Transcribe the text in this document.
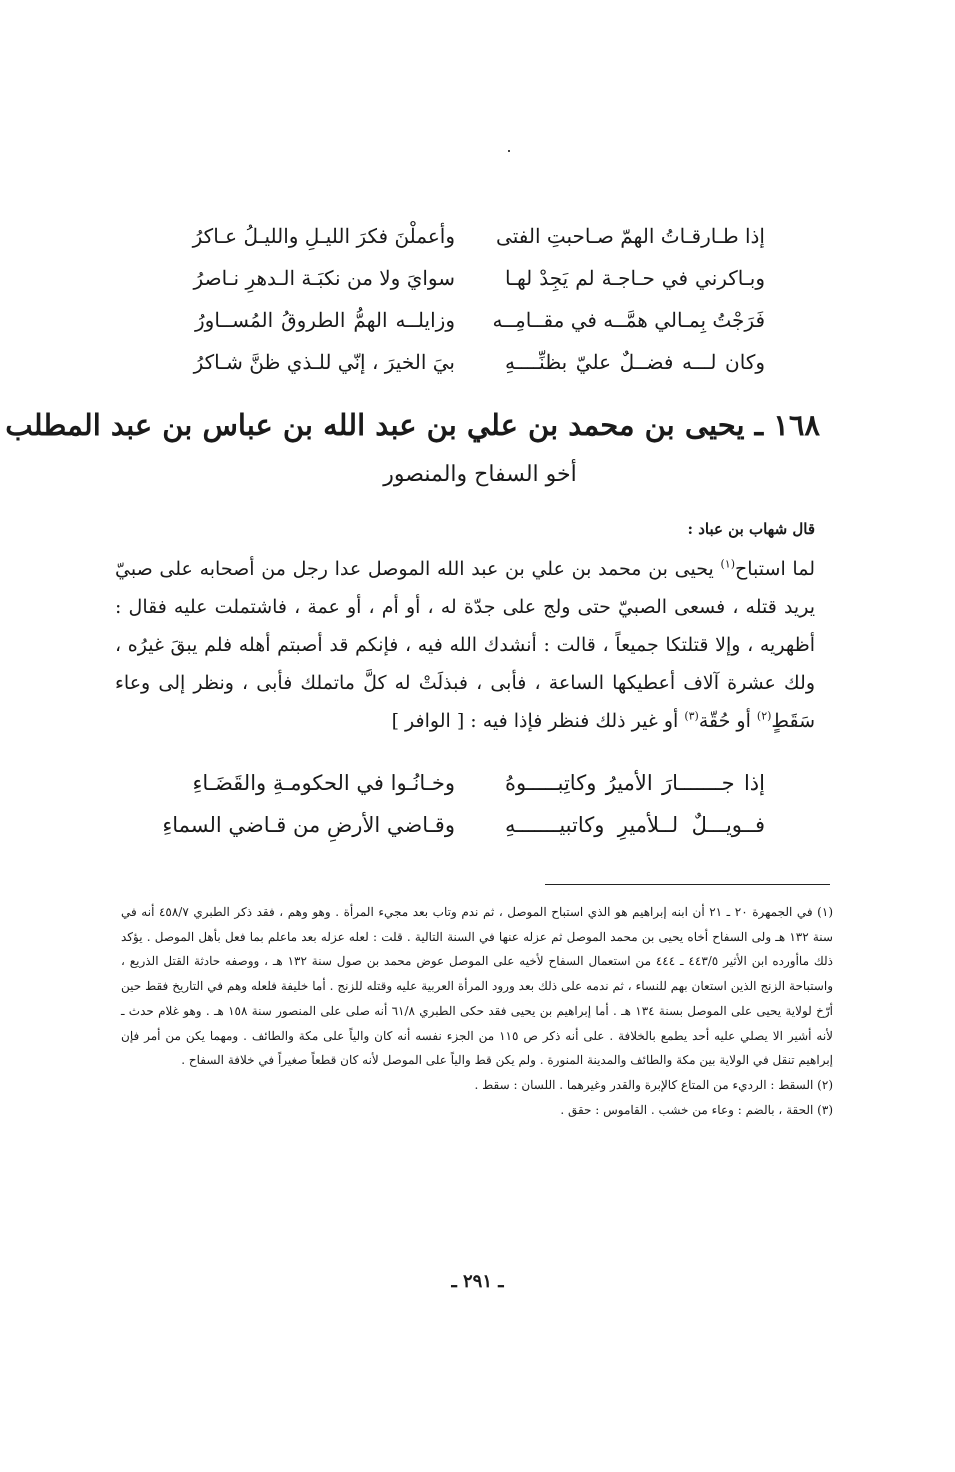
إذا طـارقـاتُ الهمّ صـاحبتِ الفتى
وأعملْنَ فكرَ الليـلِ والليـلُ عـاكرُ
وبـاكرني في حـاجـة لم يَجِدْ لهـا
سوايَ ولا من نكبَـة الـدهرِ نـاصرُ
فَرَجْتُ بِمـالي همَّــه في مقــامِــه
وزايلــه الهمُّ الطروقُ المُســاورُ
وكان لـــه فضــلٌ عليّ بظنِّــــهِ
بيَ الخيرَ ، إنّي للـذي ظنَّ شـاكرُ
١٦٨ ـ يحيى بن محمد بن علي بن عبد الله بن عباس بن عبد المطلب
أخو السفاح والمنصور
قال شهاب بن عباد :

لما استباح$^{(١)}$ يحيى بن محمد بن علي بن عبد الله الموصل عدا رجل من أصحابه على صبيّ يريد قتله ، فسعى الصبيّ حتى ولج على جدّة له ، أو أم ، أو عمة ، فاشتملت عليه فقال : أظهريه ، وإلا قتلتكا جميعاً ، قالت : أنشدك الله فيه ، فإنكم قد أصبتم أهله فلم يبقَ غيرُه ، ولك عشرة آلاف أعطيكها الساعة ، فأبى ، فبذلَتْ له كلَّ ماتملك فأبى ، ونظر إلى وعاء سَقَطٍ$^{(٢)}$ أو حُقّة$^{(٣)}$ أو غير ذلك فنظر فإذا فيه : [ الوافر ]

إذا جـــــــارَ الأميرُ وكاتِبـــــوهُ
وخـانُـوا في الحكومـةِ والقَضَـاءِ
فــويـــلٌ لــلأميرِ وكاتبيـــــــهِ
وقـاضي الأرضِ من قـاضي السماءِ
(١) في الجمهرة ٢٠ ـ ٢١ أن ابنه إبراهيم هو الذي استباح الموصل ، ثم ندم وتاب بعد مجيء المرأة . وهو وهم ، فقد ذكر الطبري ٤٥٨/٧ أنه في سنة ١٣٢ هـ ولى السفاح أخاه يحيى بن محمد الموصل ثم عزله عنها في السنة التالية . قلت : لعله عزله بعد ماعلم بما فعل بأهل الموصل . يؤكد ذلك ماأورده ابن الأثير ٤٤٣/٥ ـ ٤٤٤ من استعمال السفاح لأخيه على الموصل عوض محمد بن صول سنة ١٣٢ هـ ، ووصفه حادثة القتل الذريع ، واستباحة الزنج الذين استعان بهم للنساء ، ثم ندمه على ذلك بعد ورود المرأة العربية عليه وقتله للزنج . أما خليفة فلعله وهم في التاريخ فقط حين أرّخ لولاية يحيى على الموصل بسنة ١٣٤ هـ . أما إبراهيم بن يحيى فقد حكى الطبري ٦١/٨ أنه صلى على المنصور سنة ١٥٨ هـ . وهو غلام حدث ـ لأنه أشير الا يصلي عليه أحد يطمع بالخلافة . على أنه ذكر ص ١١٥ من الجزء نفسه أنه كان والياً على مكة والطائف . ومهما يكن من أمر فإن إبراهيم تنقل في الولاية بين مكة والطائف والمدينة المنورة . ولم يكن قط والياً على الموصل لأنه كان قطعاً صغيراً في خلافة السفاح .
(٢) السقط : الرديء من المتاع كالإبرة والقدر وغيرهما . اللسان : سقط .
(٣) الحقة ، بالضم : وعاء من خشب . القاموس : حقق .
ـ ٢٩١ ـ
